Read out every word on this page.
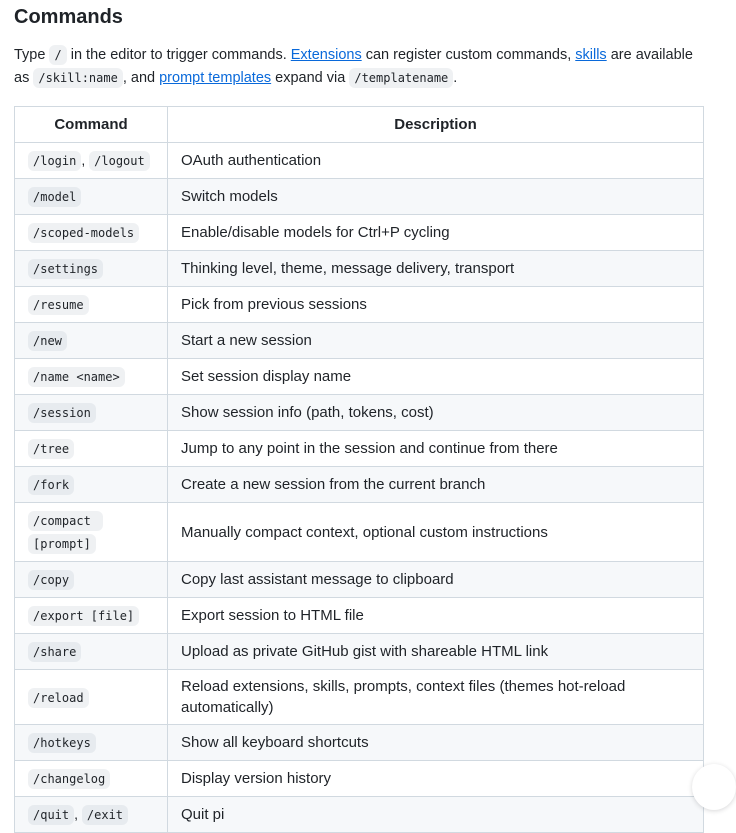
Commands

Type / in the editor to trigger commands. Extensions can register custom commands, skills are available as /skill:name , and prompt templates expand via /templatename .

Command	Description
/login , /logout	OAuth authentication
/model	Switch models
/scoped-models	Enable/disable models for Ctrl+P cycling
/settings	Thinking level, theme, message delivery, transport
/resume	Pick from previous sessions
/new	Start a new session
/name <name>	Set session display name
/session	Show session info (path, tokens, cost)
/tree	Jump to any point in the session and continue from there
/fork	Create a new session from the current branch
/compact [prompt]	Manually compact context, optional custom instructions
/copy	Copy last assistant message to clipboard
/export [file]	Export session to HTML file
/share	Upload as private GitHub gist with shareable HTML link
/reload	Reload extensions, skills, prompts, context files (themes hot-reload automatically)
/hotkeys	Show all keyboard shortcuts
/changelog	Display version history
/quit , /exit	Quit pi
